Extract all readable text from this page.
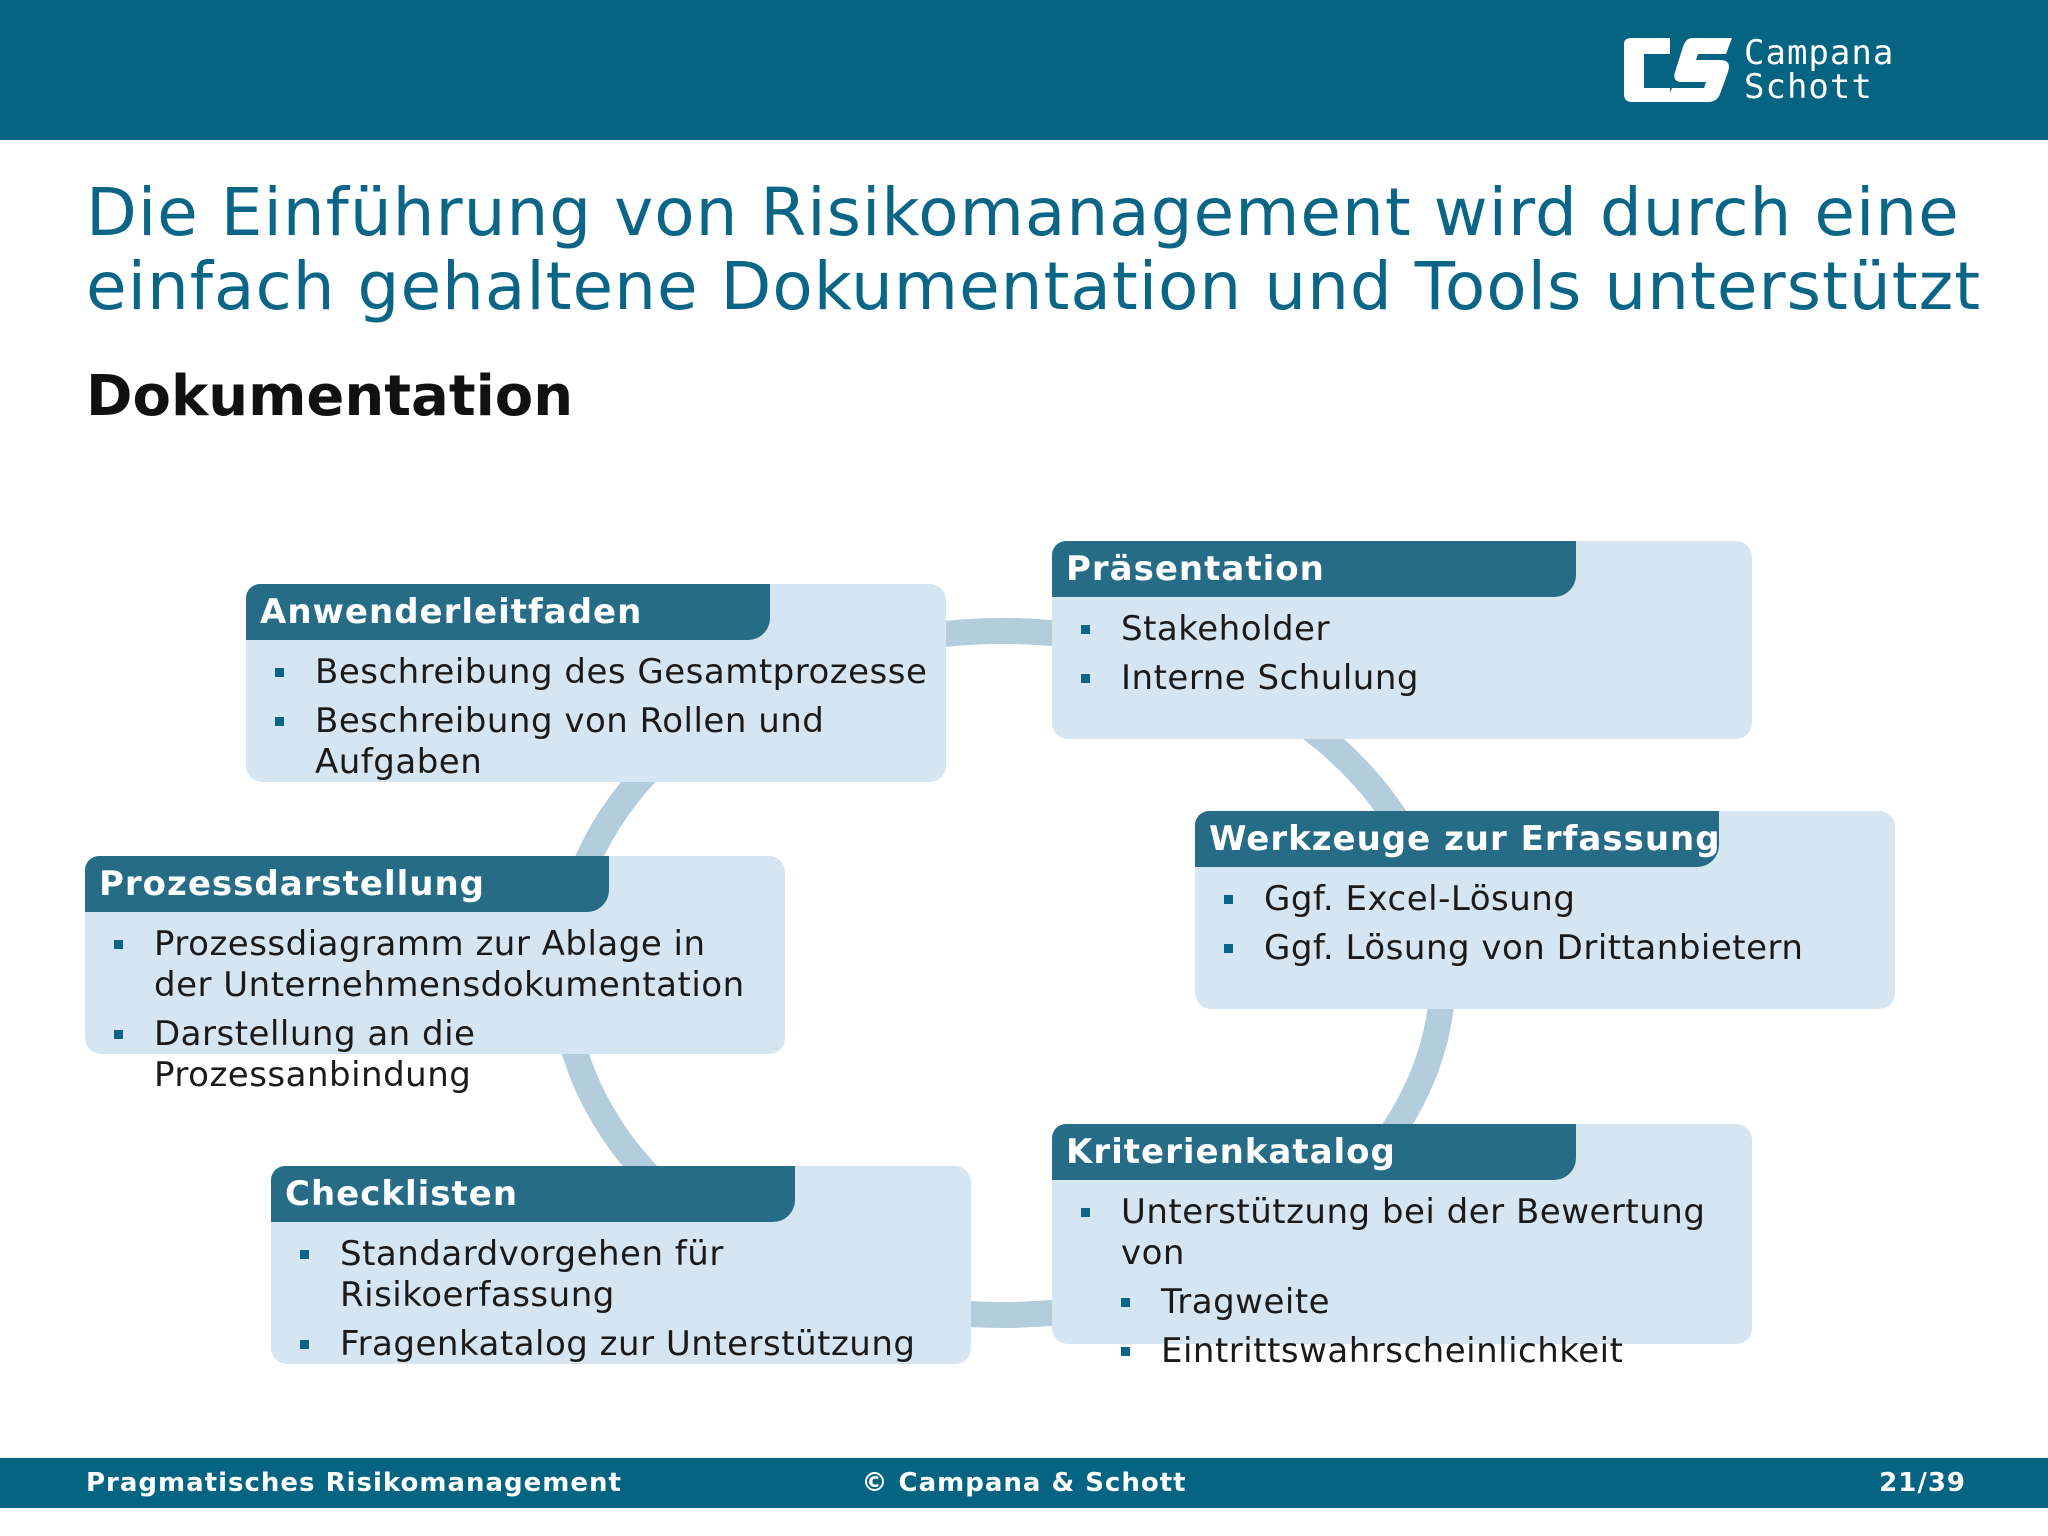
Campana
Schott
Die Einführung von Risikomanagement wird durch eine
einfach gehaltene Dokumentation und Tools unterstützt
Dokumentation
Anwenderleitfaden
Beschreibung des Gesamtprozesse
Beschreibung von Rollen und Aufgaben
Präsentation
Stakeholder
Interne Schulung
Prozessdarstellung
Prozessdiagramm zur Ablage in der Unternehmensdokumentation
Darstellung an die Prozessanbindung
Werkzeuge zur Erfassung
Ggf. Excel-Lösung
Ggf. Lösung von Drittanbietern
Checklisten
Standardvorgehen für Risikoerfassung
Fragenkatalog zur Unterstützung
Kriterienkatalog
Unterstützung bei der Bewertung von
Tragweite
Eintrittswahrscheinlichkeit
© Campana & Schott
Pragmatisches Risikomanagement	21/39
